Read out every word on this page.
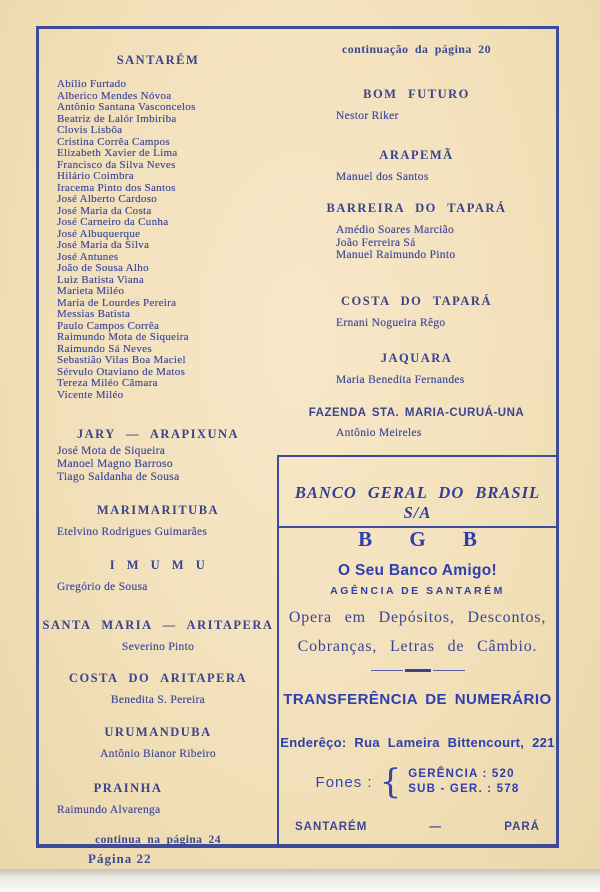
SANTARÉM
Abílio Furtado
Alberico Mendes Nóvoa
Antônio Santana Vasconcelos
Beatriz de Lalór Imbiriba
Clovis Lisbôa
Cristina Corrêa Campos
Elizabeth Xavier de Lima
Francisco da Silva Neves
Hilário Coimbra
Iracema Pinto dos Santos
José Alberto Cardoso
José Maria da Costa
José Carneiro da Cunha
José Albuquerque
José Maria da Silva
José Antunes
João de Sousa Alho
Luiz Batista Viana
Marieta Miléo
Maria de Lourdes Pereira
Messias Batista
Paulo Campos Corrêa
Raimundo Mota de Siqueira
Raimundo Sá Neves
Sebastião Vilas Boa Maciel
Sérvulo Otaviano de Matos
Tereza Miléo Câmara
Vicente Miléo
JARY — ARAPIXUNA
José Mota de Siqueira
Manoel Magno Barroso
Tiago Saldanha de Sousa
MARIMARITUBA
Etelvino Rodrigues Guimarães
I M U M U
Gregório de Sousa
SANTA MARIA — ARITAPERA
Severino Pinto
COSTA DO ARITAPERA
Benedita S. Pereira
URUMANDUBA
Antônio Bianor Ribeiro
PRAINHA
Raimundo Alvarenga
continua na página 24
continuação da página 20
BOM FUTURO
Nestor Riker
ARAPEMÃ
Manuel dos Santos
BARREIRA DO TAPARÁ
Amédio Soares Marcião
João Ferreira Sá
Manuel Raimundo Pinto
COSTA DO TAPARÁ
Ernani Nogueira Rêgo
JAQUARA
Maria Benedita Fernandes
FAZENDA STA. MARIA-CURUÁ-UNA
Antônio Meireles
BANCO GERAL DO BRASIL S/A
B G B
O Seu Banco Amigo!
AGÊNCIA DE SANTARÉM
Opera em Depósitos, Descontos,
Cobranças, Letras de Câmbio.
TRANSFERÊNCIA DE NUMERÁRIO
Enderêço: Rua Lameira Bittencourt, 221
Fones : { GERÊNCIA : 520
SUB - GER. : 578
SANTARÉM	—	PARÁ
Página 22
